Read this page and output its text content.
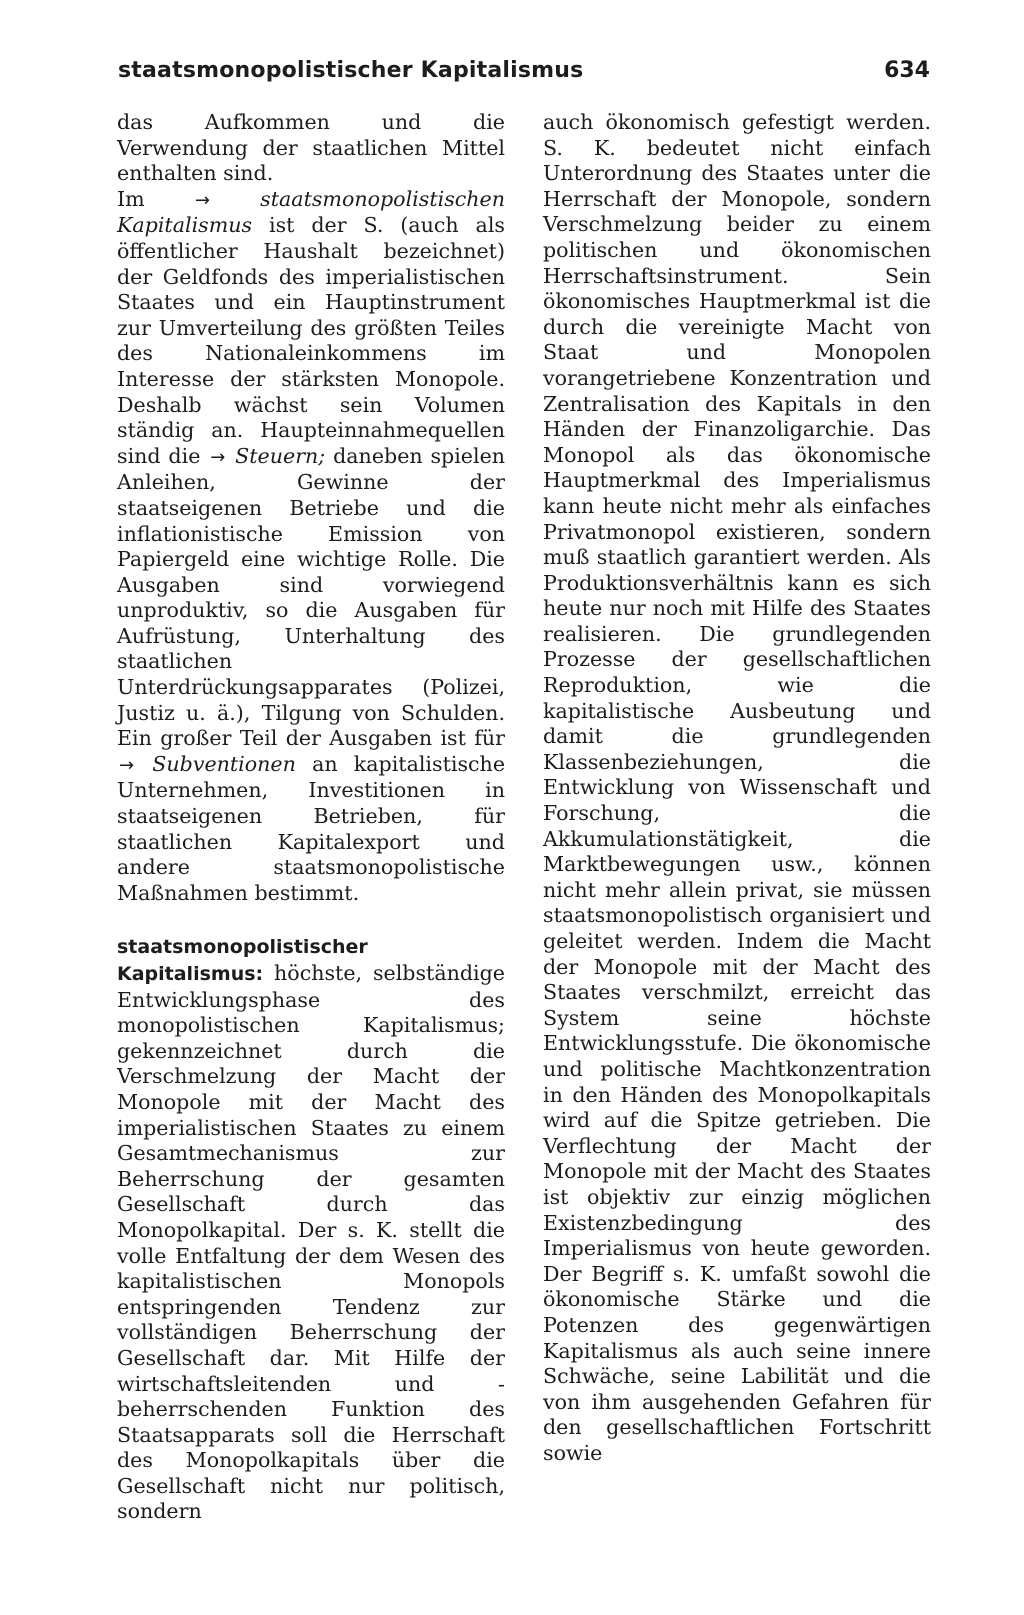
staatsmonopolistischer Kapitalismus	634

das Aufkommen und die Verwendung der staatlichen Mittel enthalten sind.

Im	→ staatsmonopolistischen Kapitalismus ist der S. (auch als öffentlicher Haushalt bezeichnet) der Geldfonds des imperialistischen Staates und ein Hauptinstrument zur Umverteilung des größten Teiles des Nationaleinkommens im Interesse der stärksten Monopole. Deshalb wächst sein Volumen ständig an. Haupteinnahmequellen sind die → Steuern; daneben spielen Anleihen, Gewinne der staatseigenen Betriebe und die inflationistische Emission von Papiergeld eine wichtige Rolle. Die Ausgaben sind vorwiegend unproduktiv, so die Ausgaben für Aufrüstung, Unterhaltung des staatlichen Unterdrückungsapparates (Polizei, Justiz u. ä.), Tilgung von Schulden. Ein großer Teil der Ausgaben ist für → Subventionen an kapitalistische Unternehmen, Investitionen in staatseigenen Betrieben, für staatlichen Kapitalexport und andere staatsmonopolistische Maßnahmen bestimmt.

staatsmonopolistischer Kapitalismus: höchste, selbständige Entwicklungsphase des monopolistischen Kapitalismus; gekennzeichnet durch die Verschmelzung der Macht der Monopole mit der Macht des imperialistischen Staates zu einem Gesamtmechanismus zur Beherrschung der gesamten Gesellschaft durch das Monopolkapital. Der s. K. stellt die volle Entfaltung der dem Wesen des kapitalistischen Monopols entspringenden Tendenz zur vollständigen Beherrschung der Gesellschaft dar. Mit Hilfe der wirtschaftsleitenden und -beherrschenden Funktion des Staatsapparats soll die Herrschaft des Monopolkapitals über die Gesellschaft nicht nur politisch, sondern

auch ökonomisch gefestigt werden. S. K. bedeutet nicht einfach Unterordnung des Staates unter die Herrschaft der Monopole, sondern Verschmelzung beider zu einem politischen und ökonomischen Herrschaftsinstrument. Sein ökonomisches Hauptmerkmal ist die durch die vereinigte Macht von Staat und Monopolen vorangetriebene Konzentration und Zentralisation des Kapitals in den Händen der Finanzoligarchie. Das Monopol als das ökonomische Hauptmerkmal des Imperialismus kann heute nicht mehr als einfaches Privatmonopol existieren, sondern muß staatlich garantiert werden. Als Produktionsverhältnis kann es sich heute nur noch mit Hilfe des Staates realisieren. Die grundlegenden Prozesse der gesellschaftlichen Reproduktion, wie die kapitalistische Ausbeutung und damit die grundlegenden Klassenbeziehungen, die Entwicklung von Wissenschaft und Forschung, die Akkumulationstätigkeit, die Marktbewegungen usw., können nicht mehr allein privat, sie müssen staatsmonopolistisch organisiert und geleitet werden. Indem die Macht der Monopole mit der Macht des Staates verschmilzt, erreicht das System seine höchste Entwicklungsstufe. Die ökonomische und politische Machtkonzentration in den Händen des Monopolkapitals wird auf die Spitze getrieben. Die Verflechtung der Macht der Monopole mit der Macht des Staates ist objektiv zur einzig möglichen Existenzbedingung des Imperialismus von heute geworden. Der Begriff s. K. umfaßt sowohl die ökonomische Stärke und die Potenzen des gegenwärtigen Kapitalismus als auch seine innere Schwäche, seine Labilität und die von ihm ausgehenden Gefahren für den gesellschaftlichen Fortschritt sowie
